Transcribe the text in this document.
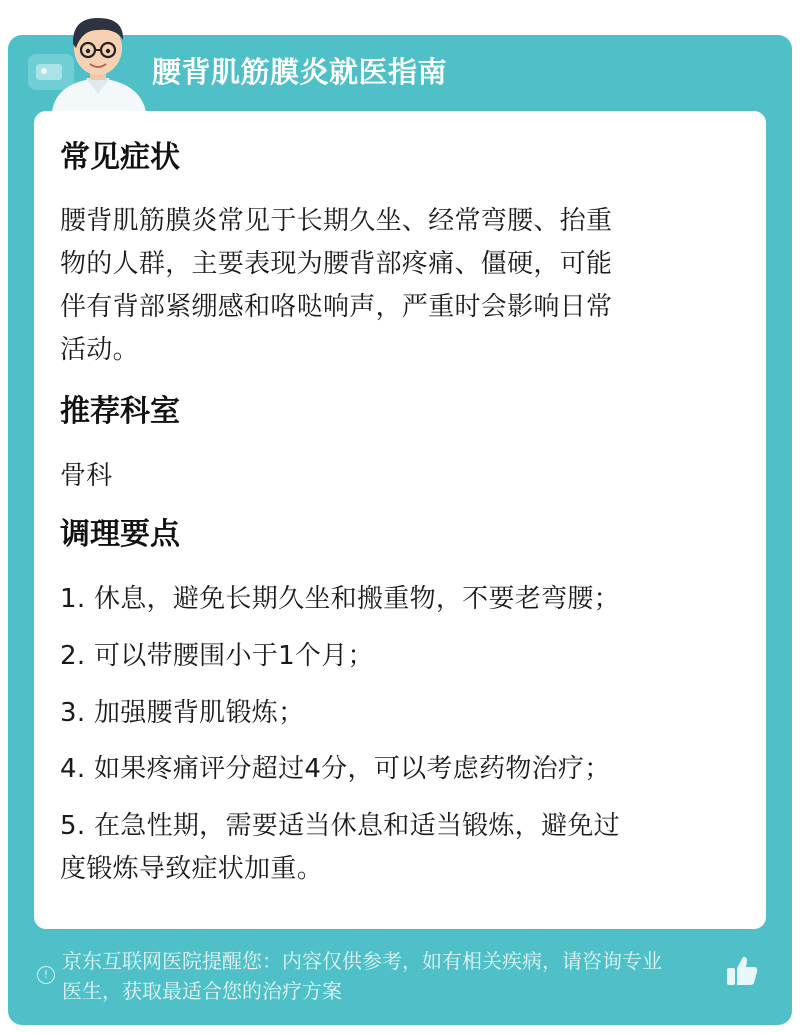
腰背肌筋膜炎就医指南
常见症状
腰背肌筋膜炎常见于长期久坐、经常弯腰、抬重
物的人群，主要表现为腰背部疼痛、僵硬，可能
伴有背部紧绷感和咯哒响声，严重时会影响日常
活动。
推荐科室
骨科
调理要点
1. 休息，避免长期久坐和搬重物，不要老弯腰；
2. 可以带腰围小于1个月；
3. 加强腰背肌锻炼；
4. 如果疼痛评分超过4分，可以考虑药物治疗；
5. 在急性期，需要适当休息和适当锻炼，避免过
度锻炼导致症状加重。
!
京东互联网医院提醒您：内容仅供参考，如有相关疾病，请咨询专业
医生，获取最适合您的治疗方案
